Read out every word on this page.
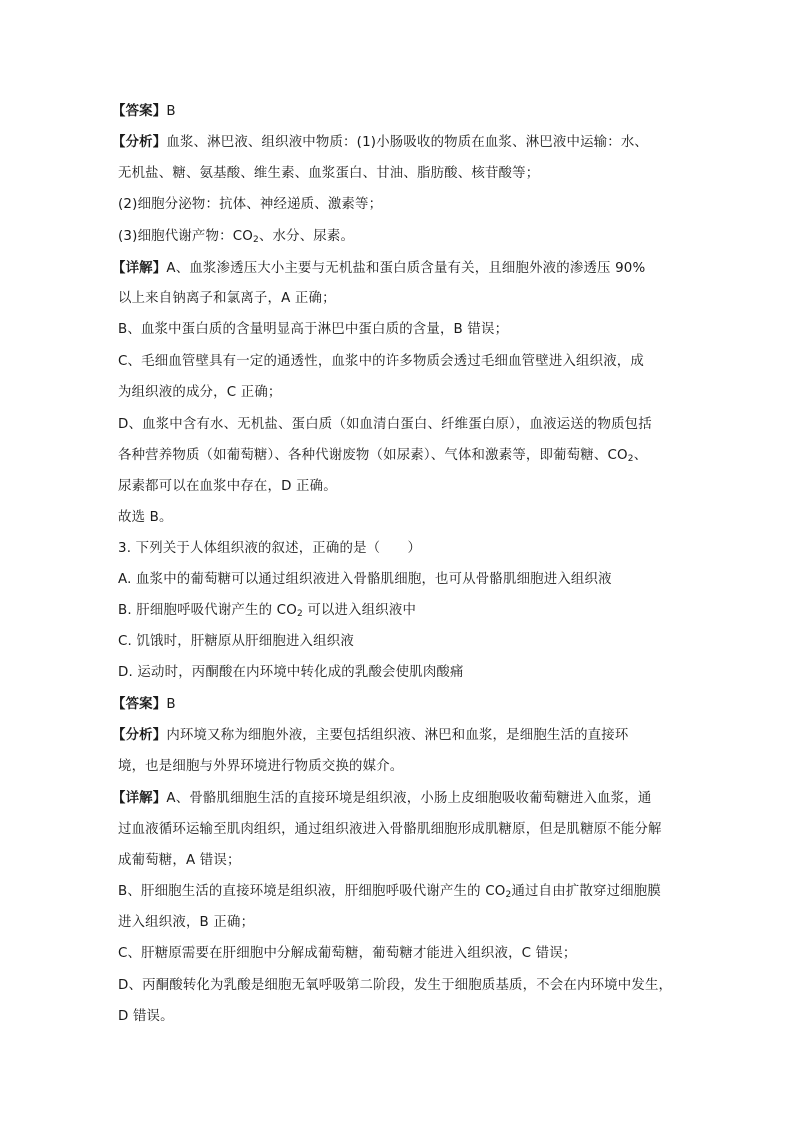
【答案】B
【分析】血浆、淋巴液、组织液中物质：(1)小肠吸收的物质在血浆、淋巴液中运输：水、
无机盐、糖、氨基酸、维生素、血浆蛋白、甘油、脂肪酸、核苷酸等；
(2)细胞分泌物：抗体、神经递质、激素等；
(3)细胞代谢产物：$CO_2$、水分、尿素。
【详解】A、血浆渗透压大小主要与无机盐和蛋白质含量有关，且细胞外液的渗透压 90%
以上来自钠离子和氯离子，A 正确；
B、血浆中蛋白质的含量明显高于淋巴中蛋白质的含量，B 错误；
C、毛细血管壁具有一定的通透性，血浆中的许多物质会透过毛细血管壁进入组织液，成
为组织液的成分，C 正确；
D、血浆中含有水、无机盐、蛋白质（如血清白蛋白、纤维蛋白原），血液运送的物质包括
各种营养物质（如葡萄糖）、各种代谢废物（如尿素）、气体和激素等，即葡萄糖、$CO_2$、
尿素都可以在血浆中存在，D 正确。
故选 B。
3. 下列关于人体组织液的叙述，正确的是（　　）
A. 血浆中的葡萄糖可以通过组织液进入骨骼肌细胞，也可从骨骼肌细胞进入组织液
B. 肝细胞呼吸代谢产生的 $CO_2$ 可以进入组织液中
C. 饥饿时，肝糖原从肝细胞进入组织液
D. 运动时，丙酮酸在内环境中转化成的乳酸会使肌肉酸痛
【答案】B
【分析】内环境又称为细胞外液，主要包括组织液、淋巴和血浆，是细胞生活的直接环
境，也是细胞与外界环境进行物质交换的媒介。
【详解】A、骨骼肌细胞生活的直接环境是组织液，小肠上皮细胞吸收葡萄糖进入血浆，通
过血液循环运输至肌肉组织，通过组织液进入骨骼肌细胞形成肌糖原，但是肌糖原不能分解
成葡萄糖，A 错误；
B、肝细胞生活的直接环境是组织液，肝细胞呼吸代谢产生的 $CO_2$通过自由扩散穿过细胞膜
进入组织液，B 正确；
C、肝糖原需要在肝细胞中分解成葡萄糖，葡萄糖才能进入组织液，C 错误；
D、丙酮酸转化为乳酸是细胞无氧呼吸第二阶段，发生于细胞质基质，不会在内环境中发生，
D 错误。
